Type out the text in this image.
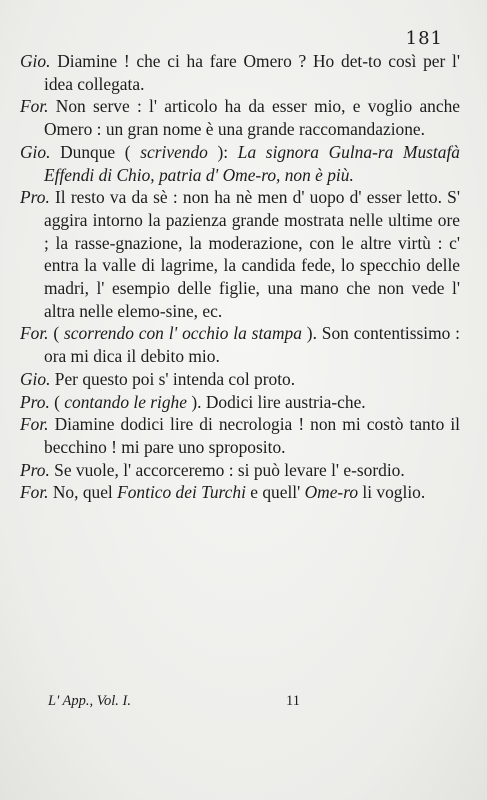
181

Gio. Diamine ! che ci ha fare Omero ? Ho det-to così per l' idea collegata.

For. Non serve : l' articolo ha da esser mio, e voglio anche Omero : un gran nome è una grande raccomandazione.

Gio. Dunque ( scrivendo ): La signora Gulna-ra Mustafà Effendi di Chio, patria d' Ome-ro, non è più.

Pro. Il resto va da sè : non ha nè men d' uopo d' esser letto. S' aggira intorno la pazienza grande mostrata nelle ultime ore ; la rasse-gnazione, la moderazione, con le altre virtù : c' entra la valle di lagrime, la candida fede, lo specchio delle madri, l' esempio delle figlie, una mano che non vede l' altra nelle elemo-sine, ec.

For. ( scorrendo con l' occhio la stampa ). Son contentissimo : ora mi dica il debito mio.

Gio. Per questo poi s' intenda col proto.

Pro. ( contando le righe ). Dodici lire austria-che.

For. Diamine dodici lire di necrologia ! non mi costò tanto il becchino ! mi pare uno sproposito.

Pro. Se vuole, l' accorceremo : si può levare l' e-sordio.

For. No, quel Fontico dei Turchi e quell' Ome-ro li voglio.

L' App., Vol. I.	11
